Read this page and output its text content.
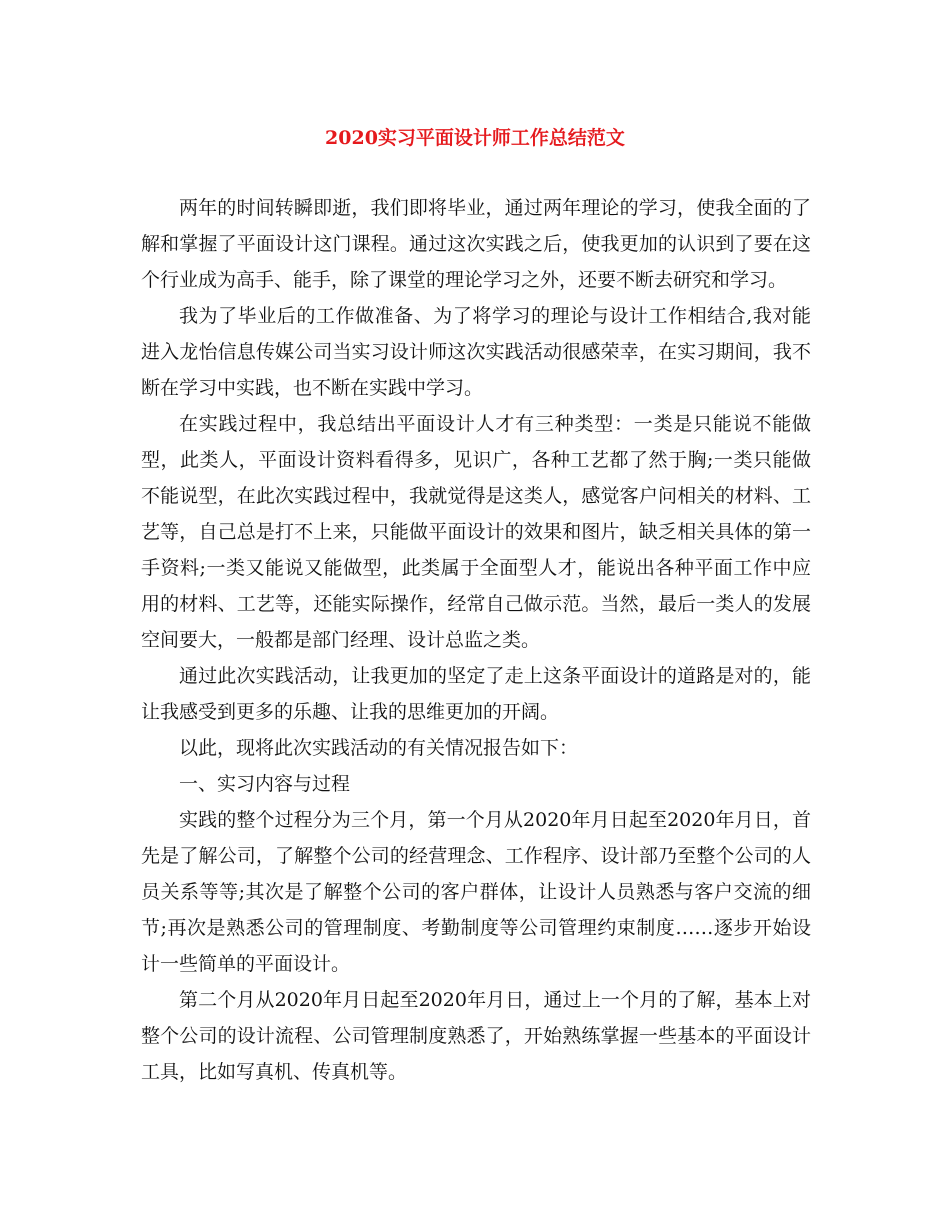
2020实习平面设计师工作总结范文

两年的时间转瞬即逝，我们即将毕业，通过两年理论的学习，使我全面的了解和掌握了平面设计这门课程。通过这次实践之后，使我更加的认识到了要在这个行业成为高手、能手，除了课堂的理论学习之外，还要不断去研究和学习。

我为了毕业后的工作做准备、为了将学习的理论与设计工作相结合,我对能进入龙怡信息传媒公司当实习设计师这次实践活动很感荣幸，在实习期间，我不断在学习中实践，也不断在实践中学习。

在实践过程中，我总结出平面设计人才有三种类型：一类是只能说不能做型，此类人，平面设计资料看得多，见识广，各种工艺都了然于胸;一类只能做不能说型，在此次实践过程中，我就觉得是这类人，感觉客户问相关的材料、工艺等，自己总是打不上来，只能做平面设计的效果和图片，缺乏相关具体的第一手资料;一类又能说又能做型，此类属于全面型人才，能说出各种平面工作中应用的材料、工艺等，还能实际操作，经常自己做示范。当然，最后一类人的发展空间要大，一般都是部门经理、设计总监之类。

通过此次实践活动，让我更加的坚定了走上这条平面设计的道路是对的，能让我感受到更多的乐趣、让我的思维更加的开阔。

以此，现将此次实践活动的有关情况报告如下：

一、实习内容与过程

实践的整个过程分为三个月，第一个月从2020年月日起至2020年月日，首先是了解公司，了解整个公司的经营理念、工作程序、设计部乃至整个公司的人员关系等等;其次是了解整个公司的客户群体，让设计人员熟悉与客户交流的细节;再次是熟悉公司的管理制度、考勤制度等公司管理约束制度……逐步开始设计一些简单的平面设计。

第二个月从2020年月日起至2020年月日，通过上一个月的了解，基本上对整个公司的设计流程、公司管理制度熟悉了，开始熟练掌握一些基本的平面设计工具，比如写真机、传真机等。
